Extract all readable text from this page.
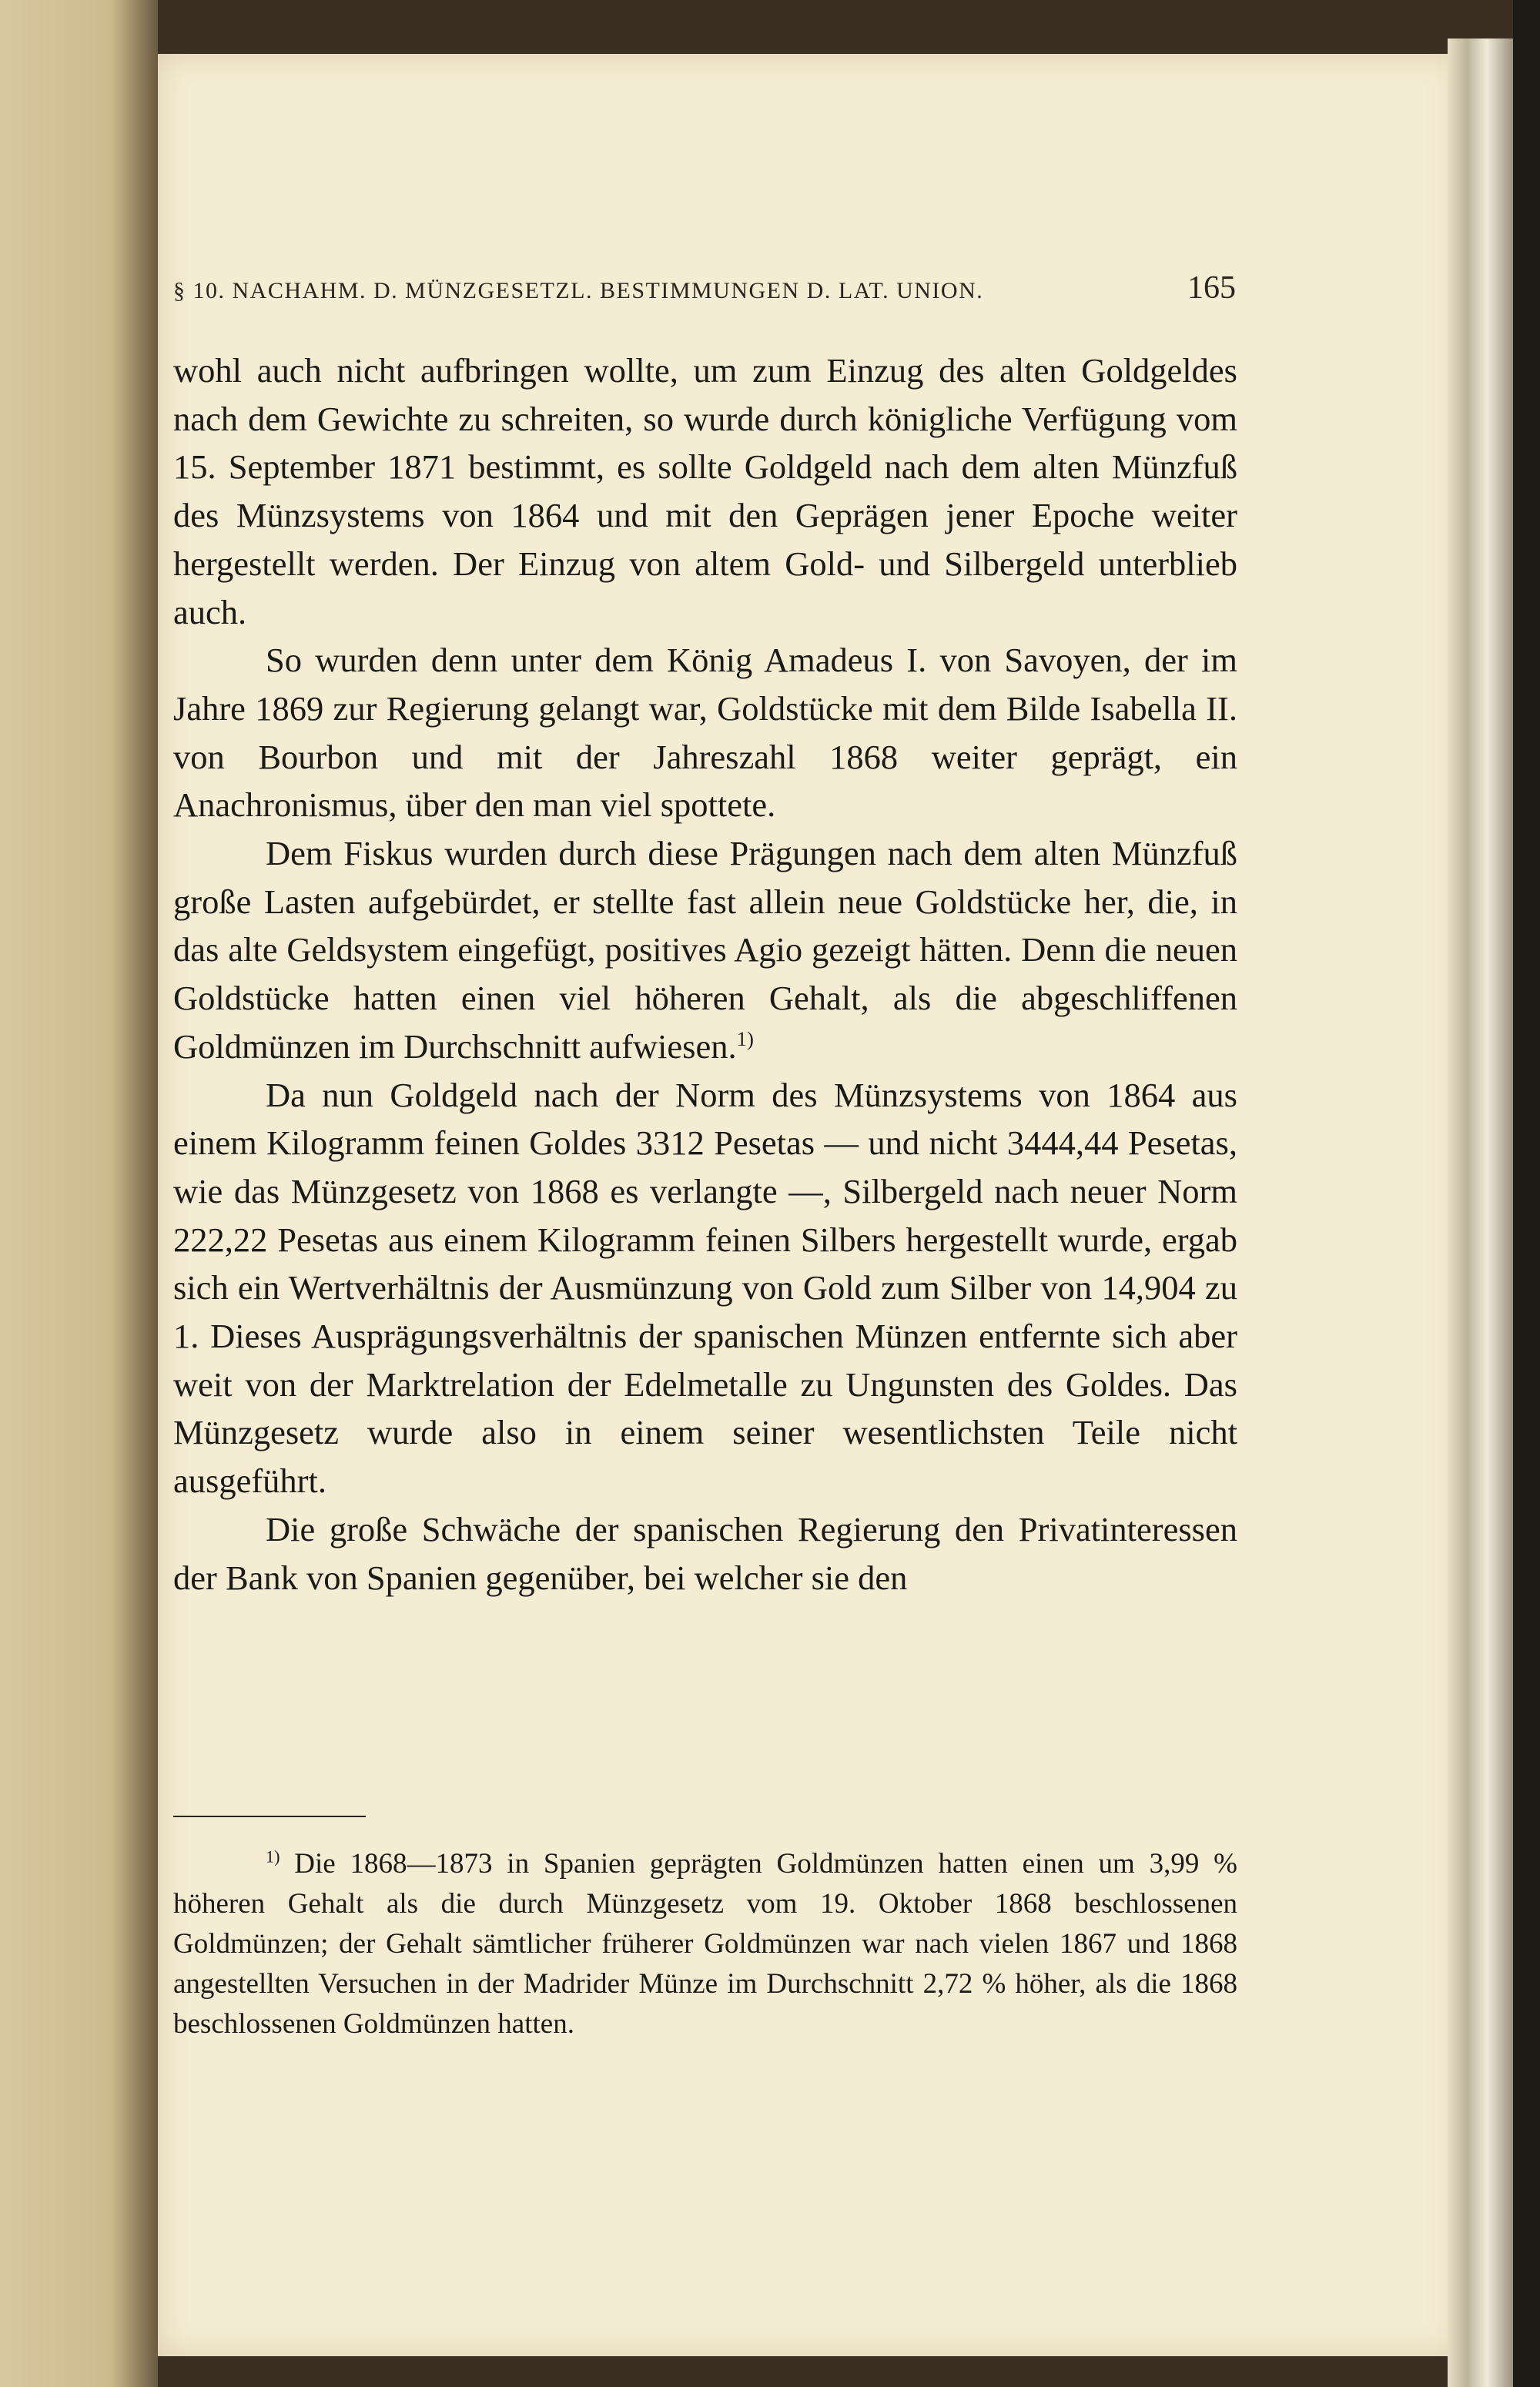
§ 10. NACHAHM. D. MÜNZGESETZL. BESTIMMUNGEN D. LAT. UNION.	165

wohl auch nicht aufbringen wollte, um zum Einzug des alten Goldgeldes nach dem Gewichte zu schreiten, so wurde durch königliche Verfügung vom 15. September 1871 bestimmt, es sollte Goldgeld nach dem alten Münzfuß des Münzsystems von 1864 und mit den Geprägen jener Epoche weiter hergestellt werden. Der Einzug von altem Gold- und Silbergeld unterblieb auch.

So wurden denn unter dem König Amadeus I. von Savoyen, der im Jahre 1869 zur Regierung gelangt war, Goldstücke mit dem Bilde Isabella II. von Bourbon und mit der Jahreszahl 1868 weiter geprägt, ein Anachronismus, über den man viel spottete.

Dem Fiskus wurden durch diese Prägungen nach dem alten Münzfuß große Lasten aufgebürdet, er stellte fast allein neue Goldstücke her, die, in das alte Geldsystem eingefügt, positives Agio gezeigt hätten. Denn die neuen Goldstücke hatten einen viel höheren Gehalt, als die abgeschliffenen Goldmünzen im Durchschnitt aufwiesen.$^{1)}$

Da nun Goldgeld nach der Norm des Münzsystems von 1864 aus einem Kilogramm feinen Goldes 3312 Pesetas — und nicht 3444,44 Pesetas, wie das Münzgesetz von 1868 es verlangte —, Silbergeld nach neuer Norm 222,22 Pesetas aus einem Kilogramm feinen Silbers hergestellt wurde, ergab sich ein Wertverhältnis der Ausmünzung von Gold zum Silber von 14,904 zu 1. Dieses Ausprägungsverhältnis der spanischen Münzen entfernte sich aber weit von der Marktrelation der Edelmetalle zu Ungunsten des Goldes. Das Münzgesetz wurde also in einem seiner wesentlichsten Teile nicht ausgeführt.

Die große Schwäche der spanischen Regierung den Privatinteressen der Bank von Spanien gegenüber, bei welcher sie den

$^{1)}$ Die 1868—1873 in Spanien geprägten Goldmünzen hatten einen um 3,99 % höheren Gehalt als die durch Münzgesetz vom 19. Oktober 1868 beschlossenen Goldmünzen; der Gehalt sämtlicher früherer Goldmünzen war nach vielen 1867 und 1868 angestellten Versuchen in der Madrider Münze im Durchschnitt 2,72 % höher, als die 1868 beschlossenen Goldmünzen hatten.
